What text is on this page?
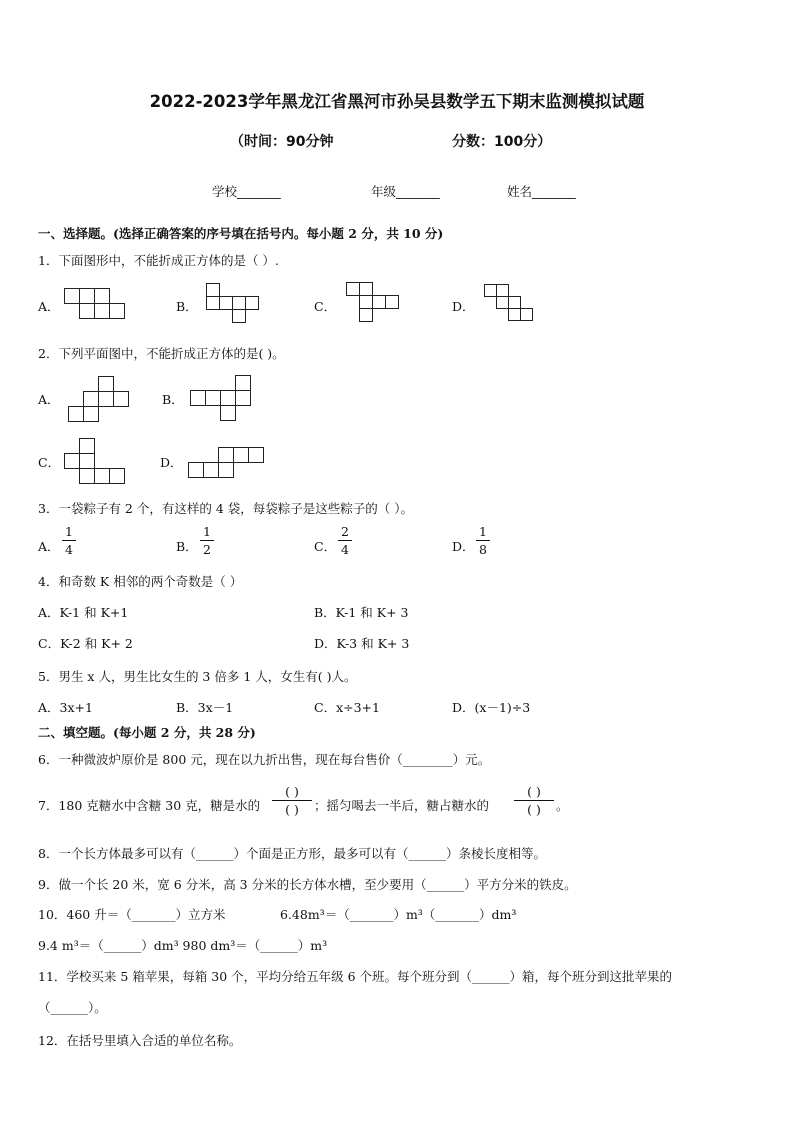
2022-2023学年黑龙江省黑河市孙吴县数学五下期末监测模拟试题
（时间：90分钟	分数：100分）
学校_______	年级_______	姓名_______
一、选择题。(选择正确答案的序号填在括号内。每小题 2 分，共 10 分)
1．下面图形中，不能折成正方体的是（ ）.
A．	B．	C．	D．
2．下列平面图中，不能折成正方体的是( )。
A．	B．
C．	D．
3．一袋粽子有 2 个，有这样的 4 袋，每袋粽子是这些粽子的（ ）。
A．
1
4	B．
1
2	C．
2
4	D．
1
8
4．和奇数 K 相邻的两个奇数是（ ）
A．K-1 和 K+1	B．K-1 和 K+ 3
C．K-2 和 K+ 2	D．K-3 和 K+ 3
5．男生 x 人，男生比女生的 3 倍多 1 人，女生有( )人。
A．3x+1	B．3x－1	C．x÷3+1	D．(x－1)÷3
二、填空题。(每小题 2 分，共 28 分)
6．一种微波炉原价是 800 元，现在以九折出售，现在每台售价（________）元。
7．180 克糖水中含糖 30 克，糖是水的
( )
( )	；摇匀喝去一半后，糖占糖水的
( )
( )	。
8．一个长方体最多可以有（______）个面是正方形，最多可以有（______）条棱长度相等。
9．做一个长 20 米，宽 6 分米，高 3 分米的长方体水槽，至少要用（______）平方分米的铁皮。
10．460 升＝（_______）立方米	6.48m³＝（_______）m³（_______）dm³
9.4 m³＝（______）dm³ 980 dm³＝（______）m³
11．学校买来 5 箱苹果，每箱 30 个，平均分给五年级 6 个班。每个班分到（______）箱，每个班分到这批苹果的
（______）。
12．在括号里填入合适的单位名称。
